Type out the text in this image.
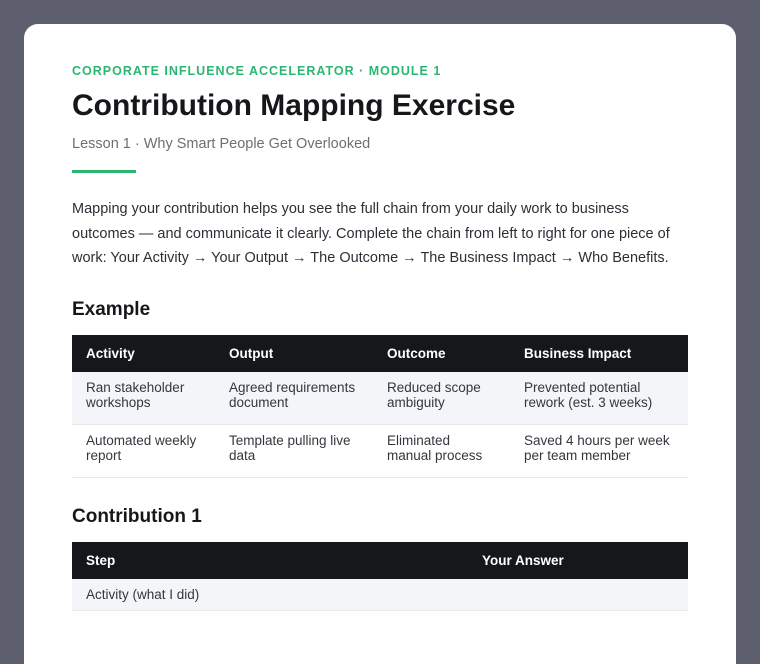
CORPORATE INFLUENCE ACCELERATOR · MODULE 1
Contribution Mapping Exercise
Lesson 1 · Why Smart People Get Overlooked

Mapping your contribution helps you see the full chain from your daily work to business outcomes — and communicate it clearly. Complete the chain from left to right for one piece of work: Your Activity → Your Output → The Outcome → The Business Impact → Who Benefits.

Example
Activity	Output	Outcome	Business Impact
Ran stakeholder workshops	Agreed requirements document	Reduced scope ambiguity	Prevented potential rework (est. 3 weeks)
Automated weekly report	Template pulling live data	Eliminated manual process	Saved 4 hours per week per team member
Contribution 1
Step	Your Answer
Activity (what I did)	
